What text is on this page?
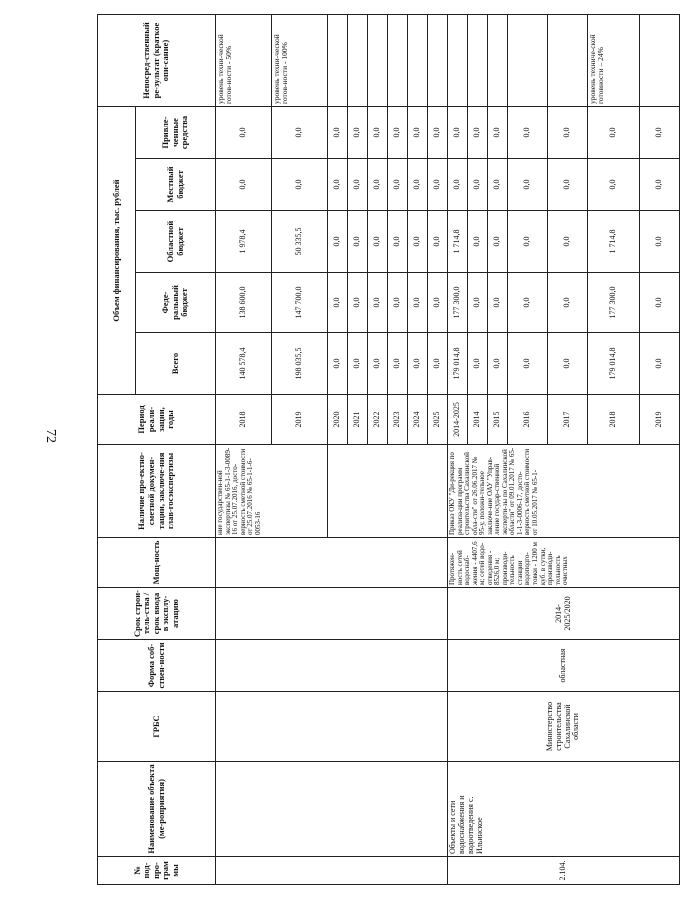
72
№ под-про-грам мы	Наименование объекта (ме-роприятия)	ГРБС	Форма соб-ствен-ности	Срок строи-тель-ства / срок ввода в эксплу-атацию	Мощ-ность	Наличие про-ектно-сметной докумен-тации, заключе-ния глав-госэкспертизы	Период реали-зации, годы	Объем финансирования, тыс. рублей					Непосред-ственный ре-зультат (краткое опи-сание)
								Всего	Феде-ральный бюджет	Областной бюджет	Местный бюджет	Привле-ченные средства	
						ние государствен-ной экспертизы № 65-1-1-3-0089-16 от 25.07.2016, досто-верность сметной стоимости от 25.07.2016 № 65-1-1-6-0053-16	2018	140 578,4	138 600,0	1 978,4	0,0	0,0	уровень техни-ческой готов-ности - 50%
							2019	198 035,5	147 700,0	50 335,5	0,0	0,0	уровень техни-ческой готов-ности - 100%
							2020	0,0	0,0	0,0	0,0	0,0	
							2021	0,0	0,0	0,0	0,0	0,0	
							2022	0,0	0,0	0,0	0,0	0,0	
							2023	0,0	0,0	0,0	0,0	0,0	
							2024	0,0	0,0	0,0	0,0	0,0	
							2025	0,0	0,0	0,0	0,0	0,0	
2.104.	Объекты и сети водоснабжения и водоотведения с. Ильинское	Министерство строительства Сахалинской области	областная	2014-2025/2020	Протяжен-ность сетей водоснаб-жения - 4407,6 м; сетей водо-отведения - 8526,0 м; производи-тельность станции водоподго-товки - 1200 м куб. в сутки, производи-тельность очистных	Приказ ОКУ "Ди-рекция по реализа-ции программ строительства Сахалинской обла-сти" от 26.06.2017 № 95-у, положи-тельное заключе-ние ОАУ "Управ-ление государ-ственной эксперти-зы по Сахалинской области" от 09.01.2017 № 65-1-1-3-0006-17, досто-верность сметной стоимости от 10.05.2017 № 65-1-	2014-2025	179 014,8	177 300,0	1 714,8	0,0	0,0	
							2014	0,0	0,0	0,0	0,0	0,0	
							2015	0,0	0,0	0,0	0,0	0,0	
							2016	0,0	0,0	0,0	0,0	0,0	
							2017	0,0	0,0	0,0	0,0	0,0	
							2018	179 014,8	177 300,0	1 714,8	0,0	0,0	уровень техниче-ской готовности – 24%
							2019	0,0	0,0	0,0	0,0	0,0	
